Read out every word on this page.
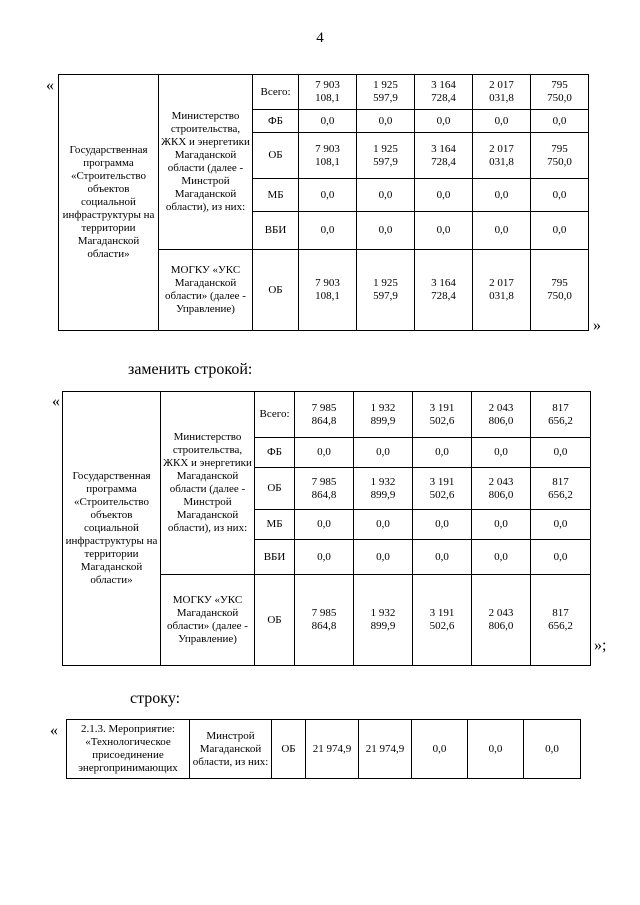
4
«
Государственная программа «Строительство объектов социальной инфраструктуры на территории Магаданской области»	Министерство строительства, ЖКХ и энергетики Магаданской области (далее - Минстрой Магаданской области), из них:	Всего:	7 903
108,1	1 925
597,9	3 164
728,4	2 017
031,8	795
750,0
		ФБ	0,0	0,0	0,0	0,0	0,0
		ОБ	7 903
108,1	1 925
597,9	3 164
728,4	2 017
031,8	795
750,0
		МБ	0,0	0,0	0,0	0,0	0,0
		ВБИ	0,0	0,0	0,0	0,0	0,0
	МОГКУ «УКС Магаданской области» (далее - Управление)	ОБ	7 903
108,1	1 925
597,9	3 164
728,4	2 017
031,8	795
750,0
»
заменить строкой:
«
Государственная программа «Строительство объектов социальной инфраструктуры на территории Магаданской области»	Министерство строительства, ЖКХ и энергетики Магаданской области (далее - Минстрой Магаданской области), из них:	Всего:	7 985
864,8	1 932
899,9	3 191
502,6	2 043
806,0	817
656,2
		ФБ	0,0	0,0	0,0	0,0	0,0
		ОБ	7 985
864,8	1 932
899,9	3 191
502,6	2 043
806,0	817
656,2
		МБ	0,0	0,0	0,0	0,0	0,0
		ВБИ	0,0	0,0	0,0	0,0	0,0
	МОГКУ «УКС Магаданской области» (далее - Управление)	ОБ	7 985
864,8	1 932
899,9	3 191
502,6	2 043
806,0	817
656,2
»;
строку:
« 2.1.3. Мероприятие: «Технологическое присоединение энергопринимающих	Минстрой Магаданской области, из них:	ОБ	21 974,9	21 974,9	0,0	0,0	0,0
